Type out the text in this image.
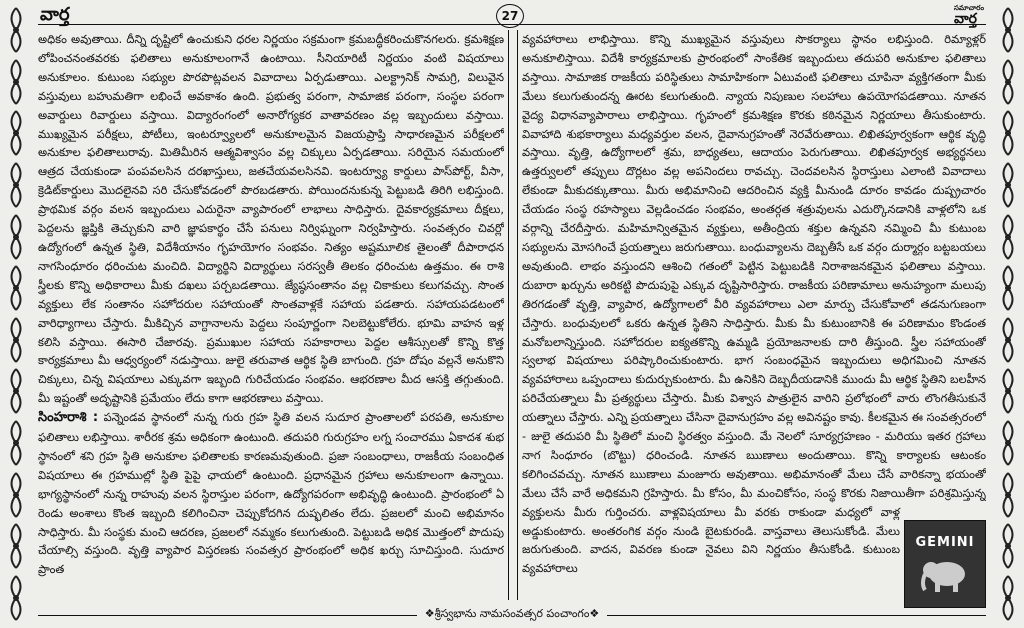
వార్త	27
సమాచారం
వార్త

అధికం అవుతాయి. దీన్ని దృష్టిలో ఉంచుకుని ధరల నిర్ణయం సక్రమంగా క్రమబద్ధీకరించుకొనగలరు. క్రమశిక్షణ లోపించనంతవరకు ఫలితాలు అనుకూలంగానే ఉంటాయి. సీనియారిటీ నిర్ణయం వంటి విషయాలు అనుకూలం. కుటుంబ సభ్యుల పొరపొట్లవలన వివాదాలు ఏర్పడుతాయి. ఎలక్ట్రానిక్ సామగ్రి, విలువైన వస్తువులు బహుమతిగా లభించే అవకాశం ఉంది. ప్రభుత్వ పరంగా, సామాజిక పరంగా, సంస్థల పరంగా అవార్డులు రివార్డులు వస్తాయి. విద్యారంగంలో అనారోగ్యకర వాతావరణం వల్ల ఇబ్బందులు వస్తాయి. ముఖ్యమైన పరీక్షలు, పోటీలు, ఇంటర్వ్యూలలో అనుకూలమైన విజయప్రాప్తి సాధారణమైన పరీక్షలలో అనుకూల ఫలితాలురావు. మితిమీరిన ఆత్మవిశ్వాసం వల్ల చిక్కులు ఏర్పడతాయి. సరియైన సమయంలో ఆత్రద చేయకుండా పంపవలసిన దరఖాస్తులు, జతచేయవలసినవి. ఇంటర్వ్యూ కార్డులు పాస్‌పోర్ట్, వీసా, క్రెడిట్‌కార్డులు మొదలైనవి సరి చేసుకోవడంలో పొరబడతారు. పోయిందనుకున్న పెట్టుబడి తిరిగి లభిస్తుంది. ప్రాథమిక వర్గం వలన ఇబ్బందులు ఎదురైనా వ్యాపారంలో లాభాలు సాధిస్తారు. దైవకార్యక్రమాలు దీక్షలు, పెద్దలను జ్ఞప్తికి తెచ్చుకుని వారి జ్ఞాపకార్థం చేసే పనులు నిర్విఘ్నంగా నిర్వహిస్తారు. సంవత్సరం చివర్లో ఉద్యోగంలో ఉన్నత స్థితి, విదేశీయానం గృహయోగం సంభవం. నిత్యం అష్టమూలిక తైలంతో దీపారాధన నాగసింధూరం ధరించుట మంచిది. విద్యార్థిని విద్యార్థులు సరస్వతీ తిలకం ధరించుట ఉత్తమం. ఈ రాశి స్త్రీలకు కొన్ని అధికారాలు మీకు దఖలు పర్చబడతాయి. జ్యేష్ఠసంతానం వల్ల చికాకులు కలుగవచ్చు. సొంత వ్యక్తులు లేక సంతానం సహోదరుల సహాయంతో సొంతవాళ్లకే సహాయ పడతారు. సహాయపడటంలో వారిధ్యాగాలు చేస్తారు. మీకిచ్చిన వాగ్దానాలను పెద్దలు సంపూర్ణంగా నిలబెట్టుకోలేరు. భూమి వాహన ఇళ్ల కలిసి వస్తాయి. ఈసారి చేజారవు. ప్రముఖుల సహాయ సహకారాలు పెద్దల ఆశీస్సులతో కొన్ని కొత్త కార్యక్రమాలు మీ ఆధ్వర్యంలో నడుస్తాయి. జులై తరువాత ఆర్థిక స్థితి బాగుంది. గ్రహ దోషం వల్లనే అనుకొని చిక్కులు, చిన్న విషయాలు ఎక్కువగా ఇబ్బంది గురిచేయడం సంభవం. ఆభరణాల మీద ఆసక్తి తగ్గుతుంది. మీ ఇష్టంతో అదృష్టానికి ప్రమేయం లేదు కాగా ఆభరణాలు వస్తాయి.

సింహరాశి : పన్నెండవ స్థానంలో నున్న గురు గ్రహ స్థితి వలన సుదూర ప్రాంతాలలో పరపతి, అనుకూల ఫలితాలు లభిస్తాయి. శారీరక శ్రమ అధికంగా ఉంటుంది. తదుపరి గురుగ్రహం లగ్న సంచారము ఏకాదశ శుభ స్థానంలో శని గ్రహ స్థితి అనుకూల ఫలితాలకు కారణమవుతుంది. ప్రజా సంబంధాలు, రాజకీయ సంబంధిత విషయాలు ఈ గ్రహముల్లో స్థితి పైపై ఛాయలో ఉంటుంది. ప్రధానమైన గ్రహాలు అనుకూలంగా ఉన్నాయి. భాగ్యస్థానంలో నున్న రాహువు వలన స్థిరాస్తుల పరంగా, ఉద్యోగపరంగా అభివృద్ధి ఉంటుంది. ప్రారంభంలో ఏ రెండు అంశాలు కొంత ఇబ్బంది కలిగించినా చెప్పుకోదగిన దుష్ఫలితం లేదు. ప్రజలలో మంచి అభిమానం సాధిస్తారు. మీ సంస్థకు మంచి ఆదరణ, ప్రజలలో నమ్మకం కలుగుతుంది. పెట్టుబడి అధిక మొత్తంలో పొదుపు చేయాల్సి వస్తుంది. వృత్తి వ్యాపార విస్తరణకు సంవత్సర ప్రారంభంలో అధిక ఖర్చు సూచిస్తుంది. సుదూర ప్రాంత

వ్యవహారాలు లాభిస్తాయి. కొన్ని ముఖ్యమైన వస్తువులు సొకర్యాలు స్థానం లభిస్తుంది. రిమ్యాళ్లర్ అనుకూలిస్తాయి. విదేశీ కార్యక్రమాలకు ప్రారంభంలో సాంకేతిక ఇబ్బందులు తదుపరి అనుకూల ఫలితాలు వస్తాయి. సామాజిక రాజకీయ పరిస్థితులు సామాహికంగా ఏటువంటి ఫలితాలు చూపినా వ్యక్తిగతంగా మీకు మేలు కలుగుతుందన్న ఊరట కలుగుతుంది. న్యాయ నిపుణుల సలహాలు ఉపయోగపడతాయి. నూతన వైద్య విధానవ్యాపారాలు లాభిస్తాయి. గృహంలో క్రమశిక్షణ కొరకు కఠినమైన నిర్ణయాలు తీసుకుంటారు. వివాహాది శుభకార్యాలు మధ్యవర్తుల వలన, దైవానుగ్రహంతో నెరవేరుతాయి. లిఖితపూర్వకంగా ఆర్థిక వృద్ధి వస్తాయి. వృత్తి, ఉద్యోగాలలో శ్రమ, బాధ్యతలు, ఆదాయం పెరుగుతాయి. లిఖితపూర్వక అభ్యర్థనలు ఉత్తర్వులలో తప్పులు దొర్లటం వల్ల అపనిందలు రావచ్చు. చెందవలసిన స్థిరాస్తులు ఎలాంటి వివాదాలు లేకుండా మీకుదక్కుతాయి. మీరు అభిమానించి ఆదరించిన వ్యక్తి మీనుండి దూరం కావడం దుష్ప్రచారం చేయడం సంస్థ రహస్యాలు వెల్లడించడం సంభవం, అంతర్గత శత్రువులను ఎదుర్కొనడానికి వాళ్లలోని ఒక వర్గాన్ని చేరదీస్తారు. మహిమాన్వితమైన వ్యక్తులు, అతీంద్రియ శక్తుల ఉన్నవని నమ్మించి మీ కుటుంబ సభ్యులను మోసగించే ప్రయత్నాలు జరుగుతాయి. బంధువ్యాలను దెబ్బతీసే ఒక వర్గం దుర్మార్గం బట్టబయలు అవుతుంది. లాభం వస్తుందని ఆశించి గతంలో పెట్టిన పెట్టుబడికి నిరాశాజనకమైన ఫలితాలు వస్తాయి. దుబారా ఖర్చును అరికట్టి పొదుపుపై ఎక్కువ దృష్టిసారిస్తారు. రాజకీయ పరిణామాలు అనుహ్యంగా మలుపు తిరగడంతో వృత్తి, వ్యాపార, ఉద్యోగాలలో వీరి వ్యవహారాలు ఎలా మార్పు చేసుకోవాలో తడనుగుణంగా చేస్తారు. బంధువులలో ఒకరు ఉన్నత స్థితిని సాధిస్తారు. మీకు మీ కుటుంబానికి ఈ పరిణామం కొండంత మనోబలాన్నిస్తుంది. సహోదరుల ఐక్యతకొన్ని ఉమ్మడి ప్రయోజనాలకు దారి తీస్తుంది. స్త్రీల సహాయంతో స్వలాభ విషయాలు పరిష్కారించుకుంటారు. భాగ సంబంధమైన ఇబ్బందులు అధిగమించి నూతన వ్యవహారాలు ఒప్పందాలు కుదుర్చుకుంటారు. మీ ఉనికిని దెబ్బదీయడానికి ముందు మీ ఆర్థిక స్థితిని బలహీన పరిచేయత్నాలు మీ ప్రత్యర్థులు చేస్తారు. మీకు విశ్వాస పాత్రులైన వారిని ప్రలోభంలో వారు లొంగతీసుకునే యత్నాలు చేస్తారు. ఎన్ని ప్రయత్నాలు చేసినా దైవానుగ్రహం వల్ల అవినష్టం కావు. కీలకమైన ఈ సంవత్సరంలో - జులై తదుపరి మీ స్థితిలో మంచి స్థిరత్వం వస్తుంది. మే నెలలో సూర్యగ్రహణం - మరియు ఇతర గ్రహాలు నాగ సింధూరం (బొట్టు) ధరించండి. నూతన ఋణాలు అందుతాయి. కొన్ని కార్యాలకు ఆటంకం కలిగించవచ్చు. నూతన ఋణాలు మంజూరు అవుతాయి. అభిమానంతో మేలు చేసే వారికన్నా భయంతో మేలు చేసే వారే అధికమని గ్రహిస్తారు. మీ కోసం, మీ మంచికోసం, సంస్థ కొరకు నిజాయితీగా పరిశ్రమిస్తున్న వ్యక్తులను మీరు గుర్తించరు. వాళ్లవిషయాలు మీ వరకు రాకుండా మధ్యలో వాళ్ల అడ్డుకుంటారు. అంతరంగిక వర్గం నుండి బైటకురండి. వాస్తవాలు తెలుసుకోండి. మేలు జరుగుతుంది. వాదన, వివరణ కుండా నైవలు విని నిర్ణయం తీసుకోండి. కుటుంబ వ్యవహారాలు

GEMINI
❖శ్రీస్వభాను నామసంవత్సర పంచాంగం❖
